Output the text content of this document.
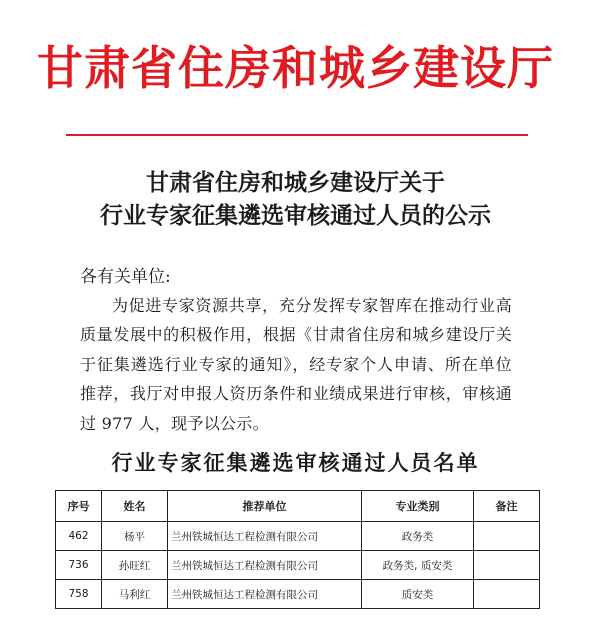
甘肃省住房和城乡建设厅
甘肃省住房和城乡建设厅关于
行业专家征集遴选审核通过人员的公示
各有关单位:
为促进专家资源共享，充分发挥专家智库在推动行业高质量发展中的积极作用，根据《甘肃省住房和城乡建设厅关于征集遴选行业专家的通知》，经专家个人申请、所在单位推荐，我厅对申报人资历条件和业绩成果进行审核，审核通过 977 人，现予以公示。
行业专家征集遴选审核通过人员名单
序号	姓名	推荐单位	专业类别	备注
462	杨平	兰州铁城恒达工程检测有限公司	政务类	
736	孙旺红	兰州铁城恒达工程检测有限公司	政务类, 质安类	
758	马利红	兰州铁城恒达工程检测有限公司	质安类	
